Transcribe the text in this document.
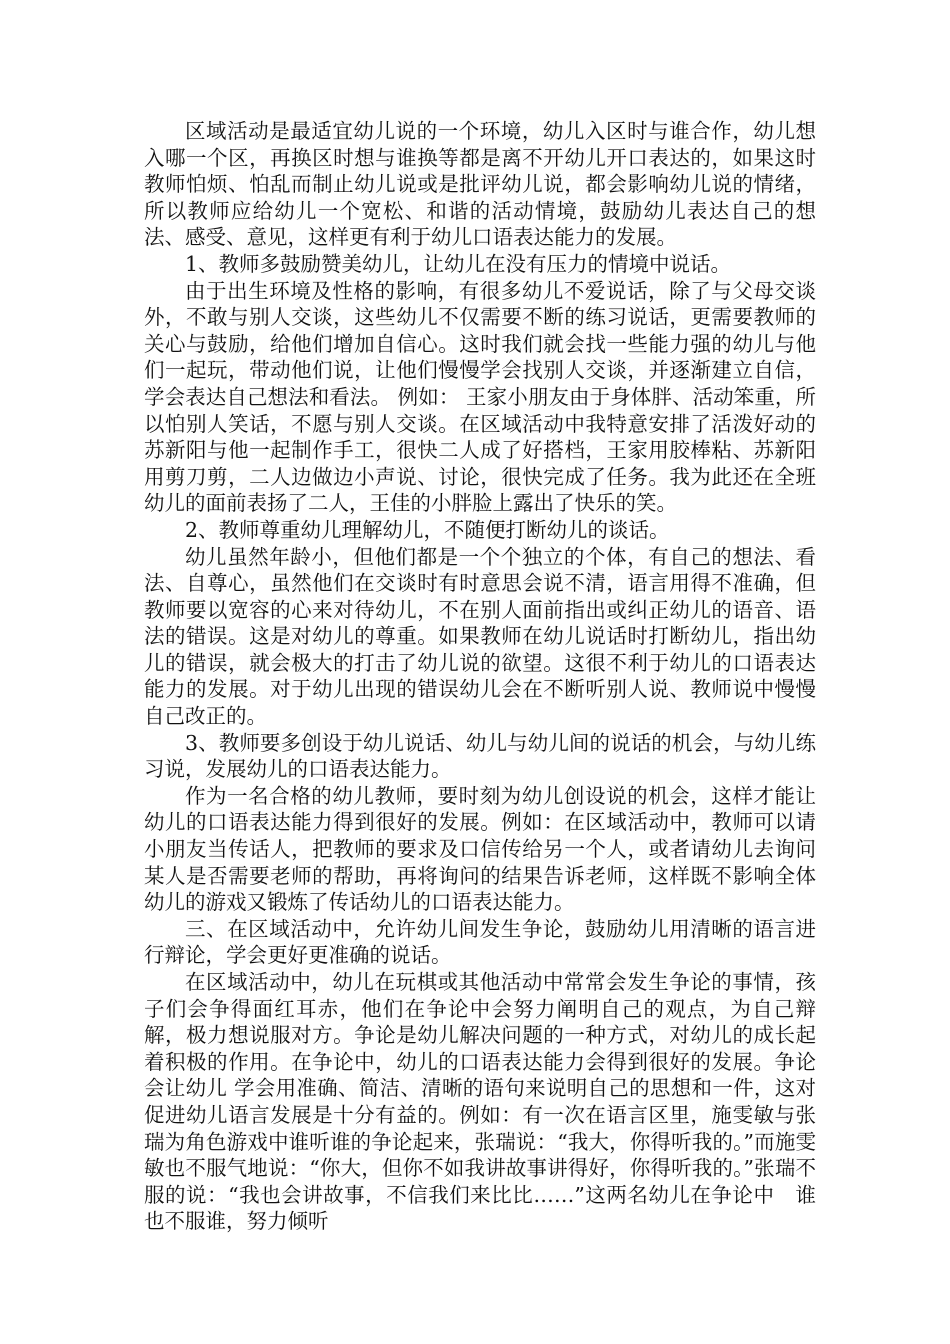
区域活动是最适宜幼儿说的一个环境，幼儿入区时与谁合作，幼儿想入哪一个区，再换区时想与谁换等都是离不开幼儿开口表达的，如果这时教师怕烦、怕乱而制止幼儿说或是批评幼儿说，都会影响幼儿说的情绪，所以教师应给幼儿一个宽松、和谐的活动情境，鼓励幼儿表达自己的想法、感受、意见，这样更有利于幼儿口语表达能力的发展。

1、教师多鼓励赞美幼儿，让幼儿在没有压力的情境中说话。

由于出生环境及性格的影响，有很多幼儿不爱说话，除了与父母交谈外，不敢与别人交谈，这些幼儿不仅需要不断的练习说话，更需要教师的关心与鼓励，给他们增加自信心。这时我们就会找一些能力强的幼儿与他们一起玩，带动他们说，让他们慢慢学会找别人交谈，并逐渐建立自信，学会表达自己想法和看法。 例如： 王家小朋友由于身体胖、活动笨重，所以怕别人笑话，不愿与别人交谈。在区域活动中我特意安排了活泼好动的苏新阳与他一起制作手工，很快二人成了好搭档，王家用胶棒粘、苏新阳用剪刀剪，二人边做边小声说、讨论，很快完成了任务。我为此还在全班幼儿的面前表扬了二人，王佳的小胖脸上露出了快乐的笑。

2、教师尊重幼儿理解幼儿，不随便打断幼儿的谈话。

幼儿虽然年龄小，但他们都是一个个独立的个体，有自己的想法、看法、自尊心，虽然他们在交谈时有时意思会说不清，语言用得不准确，但教师要以宽容的心来对待幼儿，不在别人面前指出或纠正幼儿的语音、语法的错误。这是对幼儿的尊重。如果教师在幼儿说话时打断幼儿，指出幼儿的错误，就会极大的打击了幼儿说的欲望。这很不利于幼儿的口语表达能力的发展。对于幼儿出现的错误幼儿会在不断听别人说、教师说中慢慢自己改正的。

3、教师要多创设于幼儿说话、幼儿与幼儿间的说话的机会，与幼儿练习说，发展幼儿的口语表达能力。

作为一名合格的幼儿教师，要时刻为幼儿创设说的机会，这样才能让幼儿的口语表达能力得到很好的发展。例如：在区域活动中，教师可以请小朋友当传话人，把教师的要求及口信传给另一个人，或者请幼儿去询问某人是否需要老师的帮助，再将询问的结果告诉老师，这样既不影响全体幼儿的游戏又锻炼了传话幼儿的口语表达能力。

三、在区域活动中，允许幼儿间发生争论，鼓励幼儿用清晰的语言进行辩论，学会更好更准确的说话。

在区域活动中，幼儿在玩棋或其他活动中常常会发生争论的事情，孩子们会争得面红耳赤，他们在争论中会努力阐明自己的观点，为自己辩解，极力想说服对方。争论是幼儿解决问题的一种方式，对幼儿的成长起着积极的作用。在争论中，幼儿的口语表达能力会得到很好的发展。争论会让幼儿 学会用准确、简洁、清晰的语句来说明自己的思想和一件，这对促进幼儿语言发展是十分有益的。例如：有一次在语言区里，施雯敏与张瑞为角色游戏中谁听谁的争论起来，张瑞说：“我大，你得听我的。”而施雯敏也不服气地说：“你大，但你不如我讲故事讲得好，你得听我的。”张瑞不服的说：“我也会讲故事，不信我们来比比……”这两名幼儿在争论中　谁也不服谁，努力倾听
